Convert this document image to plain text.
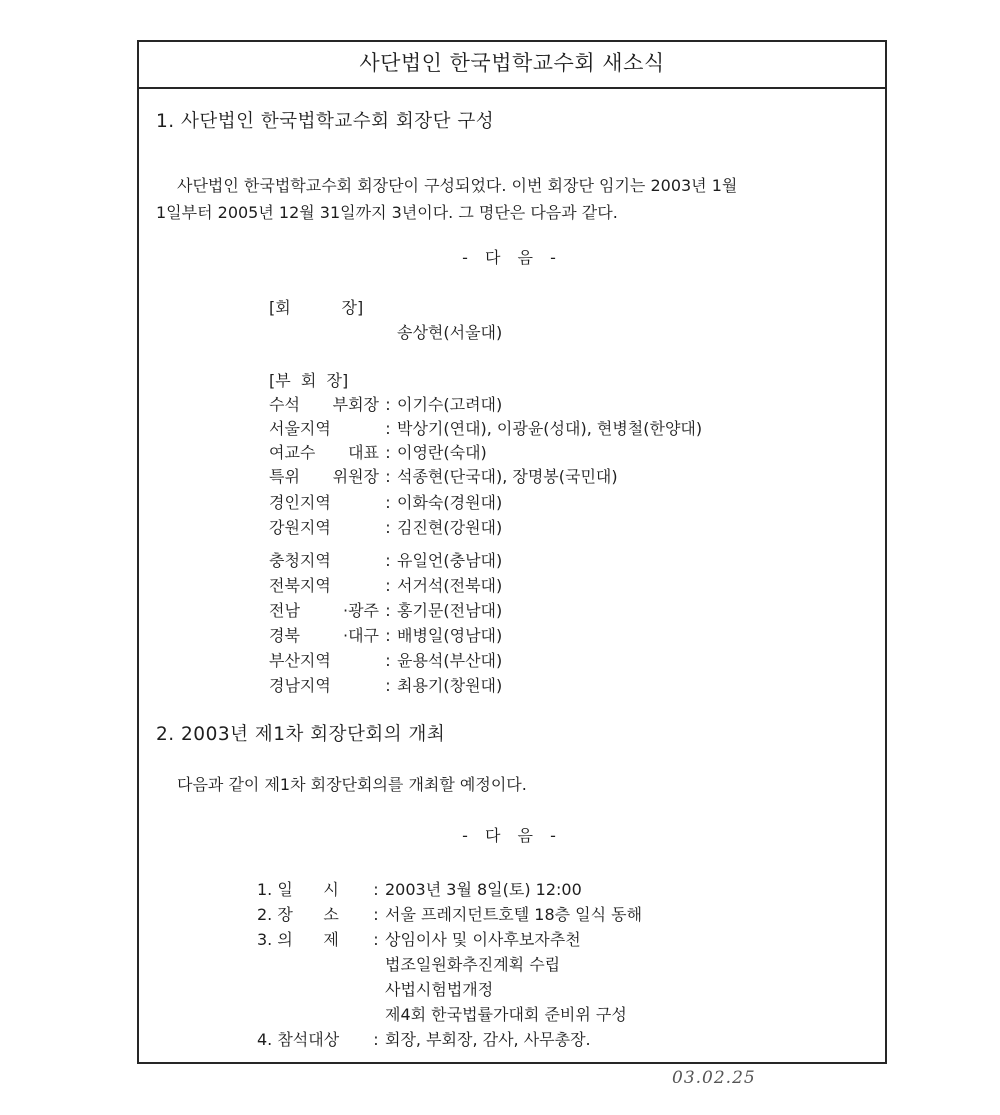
사단법인 한국법학교수회 새소식
1. 사단법인 한국법학교수회 회장단 구성
사단법인 한국법학교수회 회장단이 구성되었다. 이번 회장단 임기는 2003년 1월
1일부터 2005년 12월 31일까지 3년이다. 그 명단은 다음과 같다.
- 다 음 -
[회          장]
송상현(서울대)
[부  회  장]
수석 부회장 : 이기수(고려대)
서울지역	: 박상기(연대), 이광윤(성대), 현병철(한양대)
여교수 대표 : 이영란(숙대)
특위 위원장 : 석종현(단국대), 장명봉(국민대)
경인지역	: 이화숙(경원대)
강원지역	: 김진현(강원대)
충청지역	: 유일언(충남대)
전북지역	: 서거석(전북대)
전남 ·광주 : 홍기문(전남대)
경북 ·대구 : 배병일(영남대)
부산지역	: 윤용석(부산대)
경남지역	: 최용기(창원대)
2. 2003년 제1차 회장단회의 개최
다음과 같이 제1차 회장단회의를 개최할 예정이다.
- 다 음 -
1. 일      시 : 2003년 3월 8일(토) 12:00
2. 장      소 : 서울 프레지던트호텔 18층 일식 동해
3. 의      제 : 상임이사 및 이사후보자추천
법조일원화추진계획 수립
사법시험법개정
제4회 한국법률가대회 준비위 구성
4. 참석대상 : 회장, 부회장, 감사, 사무총장.
03.02.25
